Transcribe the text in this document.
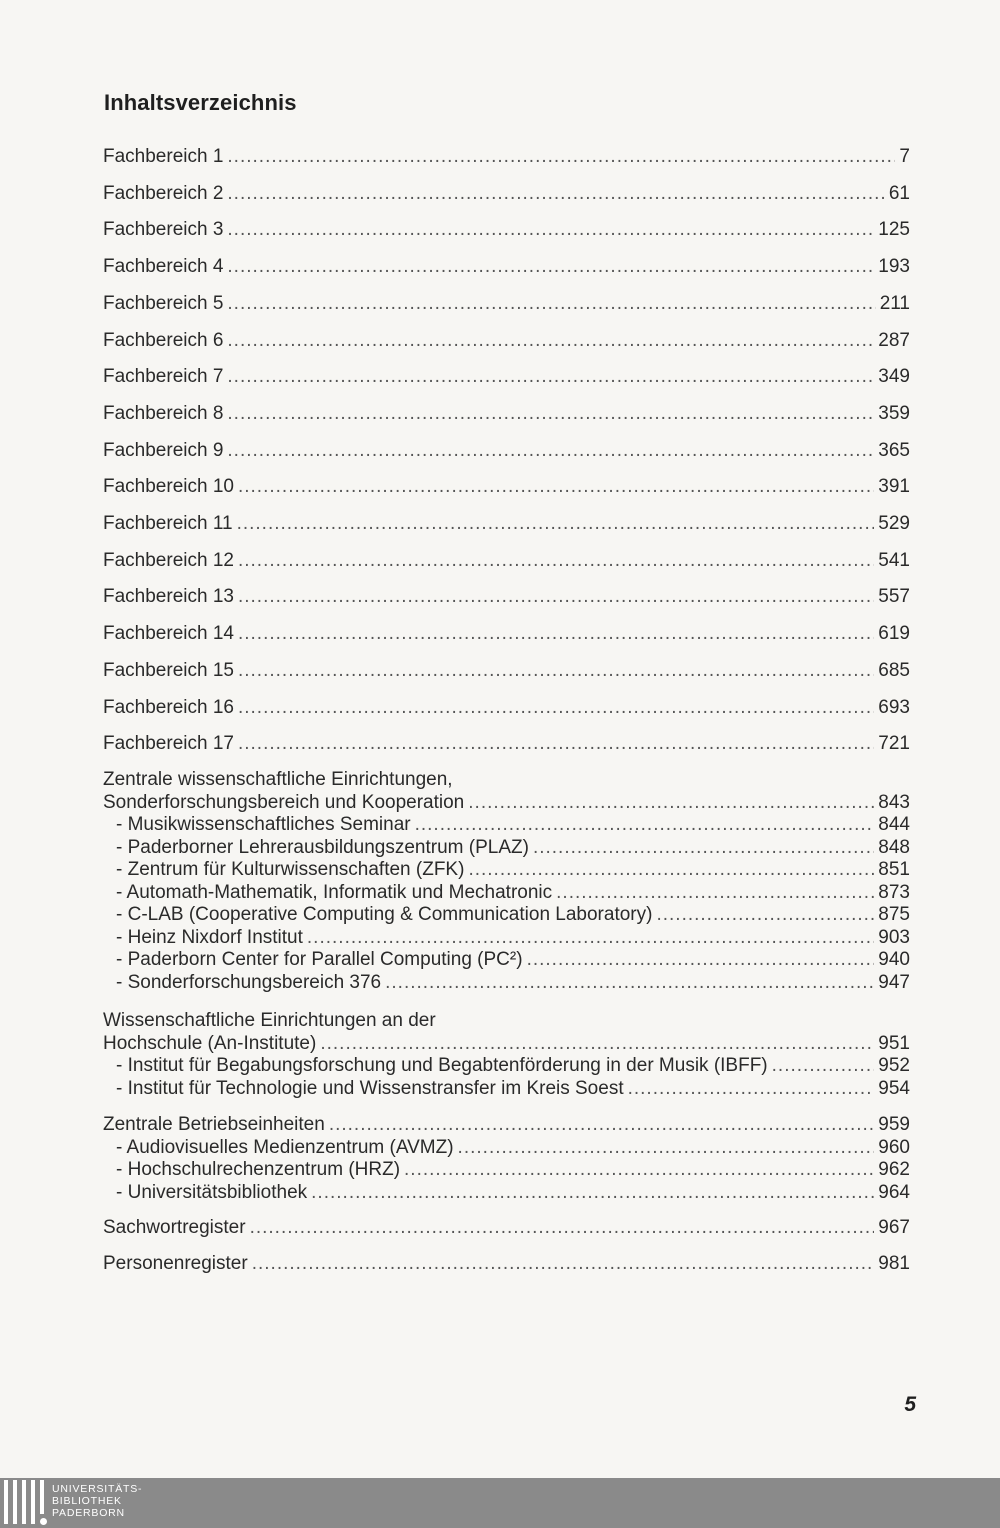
Inhaltsverzeichnis
Fachbereich 1 .....	7
Fachbereich 2 .....	61
Fachbereich 3 .....	125
Fachbereich 4 .....	193
Fachbereich 5 .....	211
Fachbereich 6 .....	287
Fachbereich 7 .....	349
Fachbereich 8 .....	359
Fachbereich 9 .....	365
Fachbereich 10 .....	391
Fachbereich 11 .....	529
Fachbereich 12 .....	541
Fachbereich 13 .....	557
Fachbereich 14 .....	619
Fachbereich 15 .....	685
Fachbereich 16 .....	693
Fachbereich 17 .....	721
Zentrale wissenschaftliche Einrichtungen,
Sonderforschungsbereich und Kooperation .....	843
- Musikwissenschaftliches Seminar .....	844
- Paderborner Lehrerausbildungszentrum (PLAZ) .....	848
- Zentrum für Kulturwissenschaften (ZFK) .....	851
- Automath-Mathematik, Informatik und Mechatronic .....	873
- C-LAB (Cooperative Computing & Communication Laboratory) .....	875
- Heinz Nixdorf Institut .....	903
- Paderborn Center for Parallel Computing (PC²) .....	940
- Sonderforschungsbereich 376 .....	947
Wissenschaftliche Einrichtungen an der
Hochschule (An-Institute) .....	951
- Institut für Begabungsforschung und Begabtenförderung in der Musik (IBFF) .....	952
- Institut für Technologie und Wissenstransfer im Kreis Soest .....	954
Zentrale Betriebseinheiten .....	959
- Audiovisuelles Medienzentrum (AVMZ) .....	960
- Hochschulrechenzentrum (HRZ) .....	962
- Universitätsbibliothek .....	964
Sachwortregister .....	967
Personenregister .....	981
5
UNIVERSITÄTS-
BIBLIOTHEK
PADERBORN
